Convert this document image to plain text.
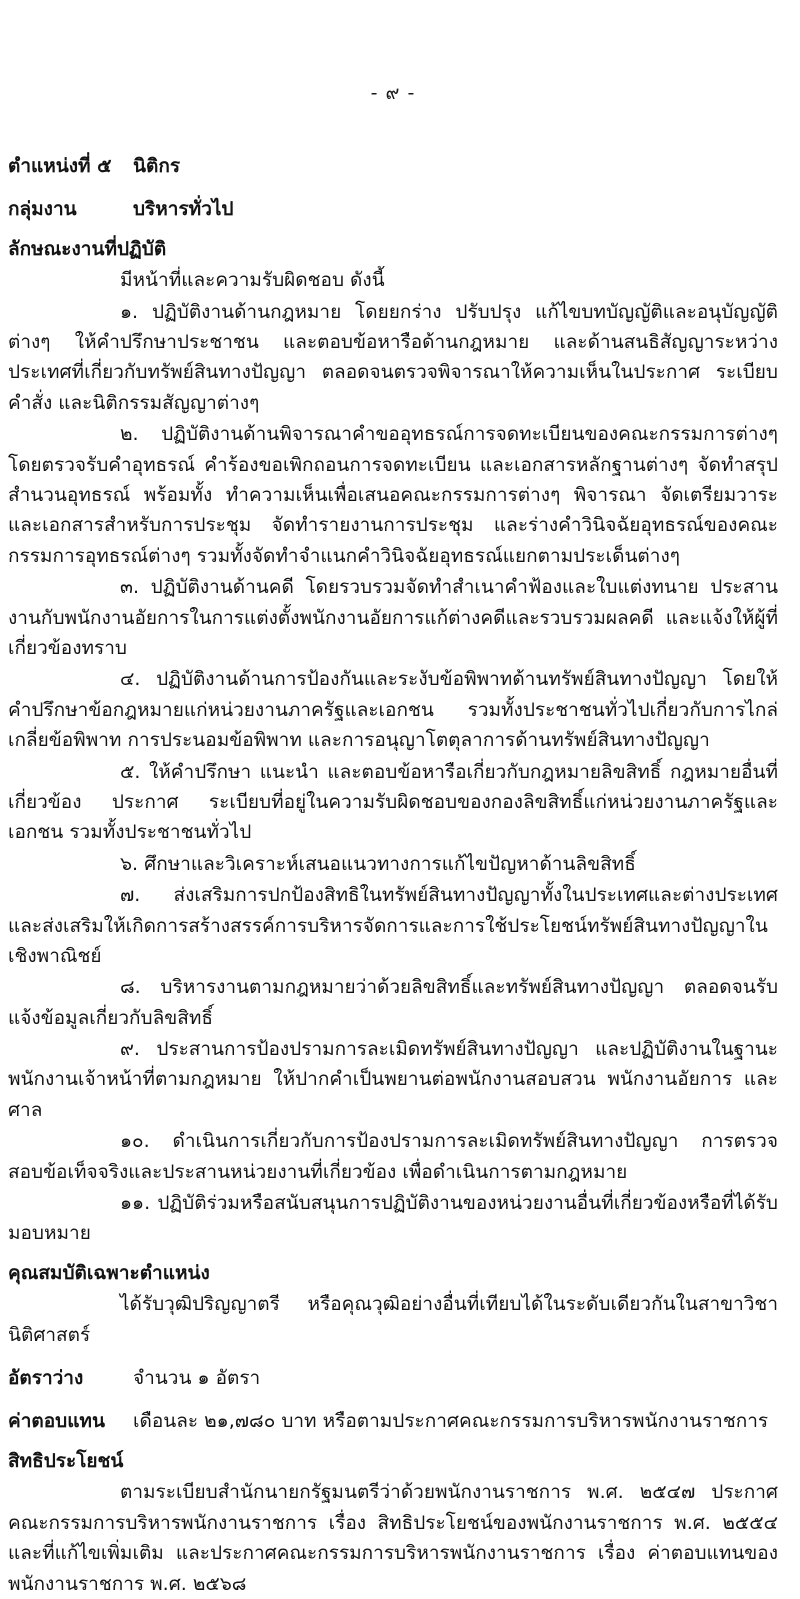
- ๙ -
ตำแหน่งที่ ๕	นิติกร
กลุ่มงาน	บริหารทั่วไป
ลักษณะงานที่ปฏิบัติ

มีหน้าที่และความรับผิดชอบ ดังนี้

๑. ปฏิบัติงานด้านกฎหมาย โดยยกร่าง ปรับปรุง แก้ไขบทบัญญัติและอนุบัญญัติต่างๆ ให้คำปรึกษาประชาชน และตอบข้อหารือด้านกฎหมาย และด้านสนธิสัญญาระหว่างประเทศที่เกี่ยวกับทรัพย์สินทางปัญญา ตลอดจนตรวจพิจารณาให้ความเห็นในประกาศ ระเบียบ คำสั่ง และนิติกรรมสัญญาต่างๆ

๒. ปฏิบัติงานด้านพิจารณาคำขออุทธรณ์การจดทะเบียนของคณะกรรมการต่างๆ โดยตรวจรับคำอุทธรณ์ คำร้องขอเพิกถอนการจดทะเบียน และเอกสารหลักฐานต่างๆ จัดทำสรุปสำนวนอุทธรณ์ พร้อมทั้ง ทำความเห็นเพื่อเสนอคณะกรรมการต่างๆ พิจารณา จัดเตรียมวาระและเอกสารสำหรับการประชุม จัดทำรายงานการประชุม และร่างคำวินิจฉัยอุทธรณ์ของคณะกรรมการอุทธรณ์ต่างๆ รวมทั้งจัดทำจำแนกคำวินิจฉัยอุทธรณ์แยกตามประเด็นต่างๆ

๓. ปฏิบัติงานด้านคดี โดยรวบรวมจัดทำสำเนาคำฟ้องและใบแต่งทนาย ประสานงานกับพนักงานอัยการในการแต่งตั้งพนักงานอัยการแก้ต่างคดีและรวบรวมผลคดี และแจ้งให้ผู้ที่เกี่ยวข้องทราบ

๔. ปฏิบัติงานด้านการป้องกันและระงับข้อพิพาทด้านทรัพย์สินทางปัญญา โดยให้คำปรึกษาข้อกฎหมายแก่หน่วยงานภาครัฐและเอกชน รวมทั้งประชาชนทั่วไปเกี่ยวกับการไกล่เกลี่ยข้อพิพาท การประนอมข้อพิพาท และการอนุญาโตตุลาการด้านทรัพย์สินทางปัญญา

๕. ให้คำปรึกษา แนะนำ และตอบข้อหารือเกี่ยวกับกฎหมายลิขสิทธิ์ กฎหมายอื่นที่เกี่ยวข้อง ประกาศ ระเบียบที่อยู่ในความรับผิดชอบของกองลิขสิทธิ์แก่หน่วยงานภาครัฐและเอกชน รวมทั้งประชาชนทั่วไป

๖. ศึกษาและวิเคราะห์เสนอแนวทางการแก้ไขปัญหาด้านลิขสิทธิ์

๗. ส่งเสริมการปกป้องสิทธิในทรัพย์สินทางปัญญาทั้งในประเทศและต่างประเทศ และส่งเสริมให้เกิดการสร้างสรรค์การบริหารจัดการและการใช้ประโยชน์ทรัพย์สินทางปัญญาในเชิงพาณิชย์

๘. บริหารงานตามกฎหมายว่าด้วยลิขสิทธิ์และทรัพย์สินทางปัญญา ตลอดจนรับแจ้งข้อมูลเกี่ยวกับลิขสิทธิ์

๙. ประสานการป้องปรามการละเมิดทรัพย์สินทางปัญญา และปฏิบัติงานในฐานะพนักงานเจ้าหน้าที่ตามกฎหมาย ให้ปากคำเป็นพยานต่อพนักงานสอบสวน พนักงานอัยการ และศาล

๑๐. ดำเนินการเกี่ยวกับการป้องปรามการละเมิดทรัพย์สินทางปัญญา การตรวจสอบข้อเท็จจริงและประสานหน่วยงานที่เกี่ยวข้อง เพื่อดำเนินการตามกฎหมาย

๑๑. ปฏิบัติร่วมหรือสนับสนุนการปฏิบัติงานของหน่วยงานอื่นที่เกี่ยวข้องหรือที่ได้รับมอบหมาย

คุณสมบัติเฉพาะตำแหน่ง

ได้รับวุฒิปริญญาตรี หรือคุณวุฒิอย่างอื่นที่เทียบได้ในระดับเดียวกันในสาขาวิชานิติศาสตร์

อัตราว่าง	จำนวน ๑ อัตรา
ค่าตอบแทน	เดือนละ ๒๑,๗๘๐ บาท หรือตามประกาศคณะกรรมการบริหารพนักงานราชการ
สิทธิประโยชน์

ตามระเบียบสำนักนายกรัฐมนตรีว่าด้วยพนักงานราชการ พ.ศ. ๒๕๔๗ ประกาศคณะกรรมการบริหารพนักงานราชการ เรื่อง สิทธิประโยชน์ของพนักงานราชการ พ.ศ. ๒๕๕๔ และที่แก้ไขเพิ่มเติม และประกาศคณะกรรมการบริหารพนักงานราชการ เรื่อง ค่าตอบแทนของพนักงานราชการ พ.ศ. ๒๕๖๘
